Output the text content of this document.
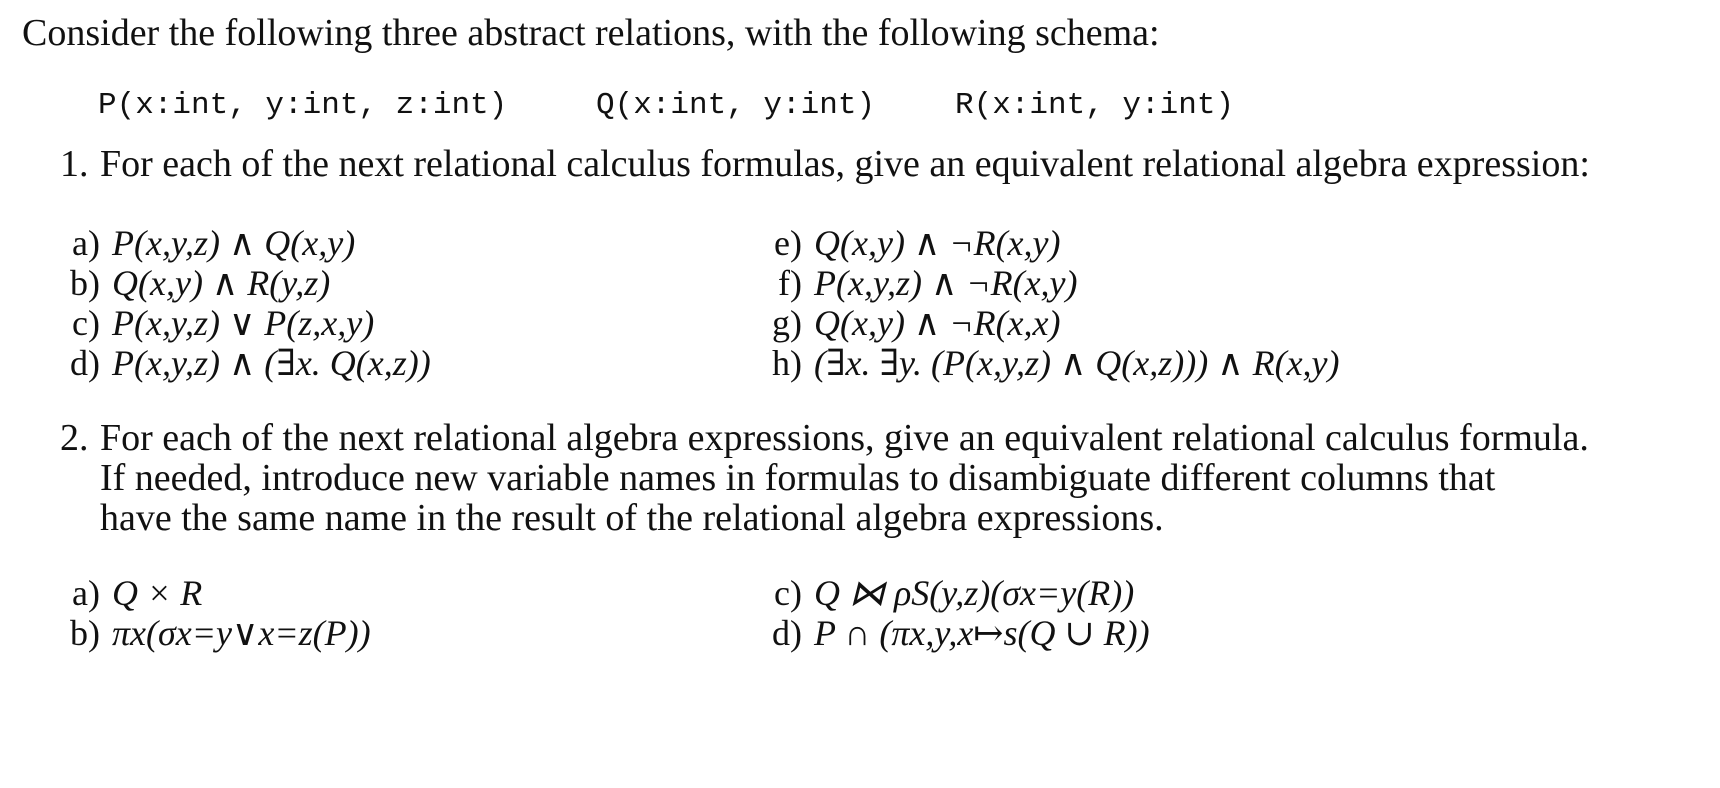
Consider the following three abstract relations, with the following schema:
P(x:int, y:int, z:int)	Q(x:int, y:int)	R(x:int, y:int)
1. For each of the next relational calculus formulas, give an equivalent relational algebra expression:
a) P(x,y,z) ∧ Q(x,y)
b) Q(x,y) ∧ R(y,z)
c) P(x,y,z) ∨ P(z,x,y)
d) P(x,y,z) ∧ (∃x. Q(x,z))
e) Q(x,y) ∧ ¬R(x,y)
f) P(x,y,z) ∧ ¬R(x,y)
g) Q(x,y) ∧ ¬R(x,x)
h) (∃x. ∃y. (P(x,y,z) ∧ Q(x,z))) ∧ R(x,y)
2. For each of the next relational algebra expressions, give an equivalent relational calculus formula.
If needed, introduce new variable names in formulas to disambiguate different columns that
have the same name in the result of the relational algebra expressions.
a) Q × R
b) πx(σx=y∨x=z(P))
c) Q ⋈ ρS(y,z)(σx=y(R))
d) P ∩ (πx,y,x↦s(Q ∪ R))
